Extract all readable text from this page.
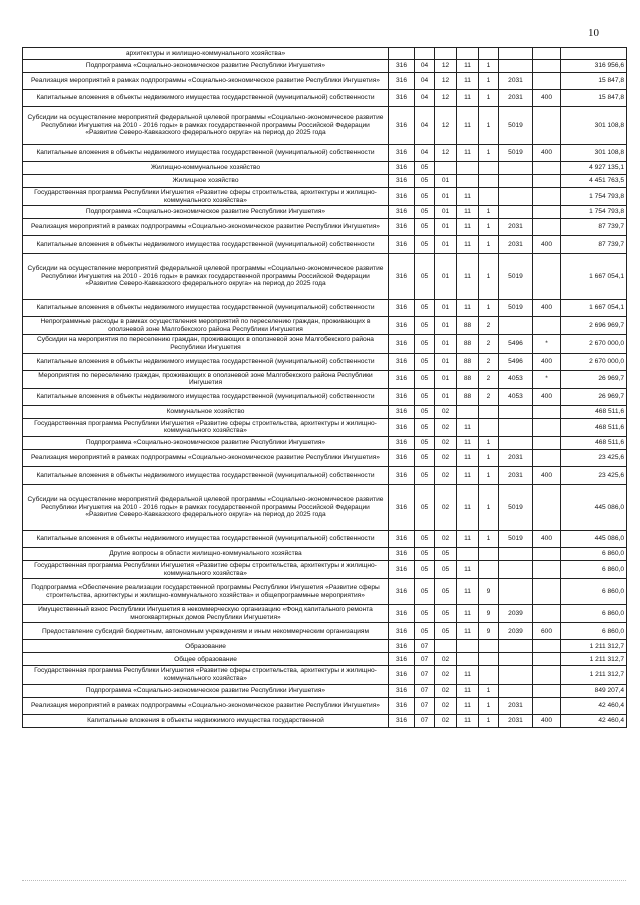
10
архитектуры и жилищно-коммунального хозяйства»								
Подпрограмма «Социально-экономическое развитие Республики Ингушетия»	316	04	12	11	1			316 956,6
Реализация мероприятий в рамках подпрограммы «Социально-экономическое развитие Республики Ингушетия»	316	04	12	11	1	2031		15 847,8
Капитальные вложения в объекты недвижимого имущества государственной (муниципальной) собственности	316	04	12	11	1	2031	400	15 847,8
Субсидии на осуществление мероприятий федеральной целевой программы «Социально-экономическое развитие Республики Ингушетия на 2010 - 2016 годы» в рамках государственной программы Российской Федерации «Развитие Северо-Кавказского федерального округа» на период до 2025 года	316	04	12	11	1	5019		301 108,8
Капитальные вложения в объекты недвижимого имущества государственной (муниципальной) собственности	316	04	12	11	1	5019	400	301 108,8
Жилищно-коммунальное хозяйство	316	05						4 927 135,1
Жилищное хозяйство	316	05	01					4 451 763,5
Государственная программа Республики Ингушетия «Развитие сферы строительства, архитектуры и жилищно-коммунального хозяйства»	316	05	01	11				1 754 793,8
Подпрограмма «Социально-экономическое развитие Республики Ингушетия»	316	05	01	11	1			1 754 793,8
Реализация мероприятий в рамках подпрограммы «Социально-экономическое развитие Республики Ингушетия»	316	05	01	11	1	2031		87 739,7
Капитальные вложения в объекты недвижимого имущества государственной (муниципальной) собственности	316	05	01	11	1	2031	400	87 739,7
Субсидии на осуществление мероприятий федеральной целевой программы «Социально-экономическое развитие Республики Ингушетия на 2010 - 2016 годы» в рамках государственной программы Российской Федерации «Развитие Северо-Кавказского федерального округа» на период до 2025 года	316	05	01	11	1	5019		1 667 054,1
Капитальные вложения в объекты недвижимого имущества государственной (муниципальной) собственности	316	05	01	11	1	5019	400	1 667 054,1
Непрограммные расходы в рамках осуществления мероприятий по переселению граждан, проживающих в оползневой зоне Малгобекского района Республики Ингушетия	316	05	01	88	2			2 696 969,7
Субсидии на мероприятия по переселению граждан, проживающих в оползневой зоне Малгобекского района Республики Ингушетия	316	05	01	88	2	5496	*	2 670 000,0
Капитальные вложения в объекты недвижимого имущества государственной (муниципальной) собственности	316	05	01	88	2	5496	400	2 670 000,0
Мероприятия по переселению граждан, проживающих в оползневой зоне Малгобекского района Республики Ингушетия	316	05	01	88	2	4053	*	26 969,7
Капитальные вложения в объекты недвижимого имущества государственной (муниципальной) собственности	316	05	01	88	2	4053	400	26 969,7
Коммунальное хозяйство	316	05	02					468 511,6
Государственная программа Республики Ингушетия «Развитие сферы строительства, архитектуры и жилищно-коммунального хозяйства»	316	05	02	11				468 511,6
Подпрограмма «Социально-экономическое развитие Республики Ингушетия»	316	05	02	11	1			468 511,6
Реализация мероприятий в рамках подпрограммы «Социально-экономическое развитие Республики Ингушетия»	316	05	02	11	1	2031		23 425,6
Капитальные вложения в объекты недвижимого имущества государственной (муниципальной) собственности	316	05	02	11	1	2031	400	23 425,6
Субсидии на осуществление мероприятий федеральной целевой программы «Социально-экономическое развитие Республики Ингушетия на 2010 - 2016 годы» в рамках государственной программы Российской Федерации «Развитие Северо-Кавказского федерального округа» на период до 2025 года	316	05	02	11	1	5019		445 086,0
Капитальные вложения в объекты недвижимого имущества государственной (муниципальной) собственности	316	05	02	11	1	5019	400	445 086,0
Другие вопросы в области жилищно-коммунального хозяйства	316	05	05					6 860,0
Государственная программа Республики Ингушетия «Развитие сферы строительства, архитектуры и жилищно-коммунального хозяйства»	316	05	05	11				6 860,0
Подпрограмма «Обеспечение реализации государственной программы Республики Ингушетия «Развитие сферы строительства, архитектуры и жилищно-коммунального хозяйства» и общепрограммные мероприятия»	316	05	05	11	9			6 860,0
Имущественный взнос Республики Ингушетия в некоммерческую организацию «Фонд капитального ремонта многоквартирных домов Республики Ингушетия»	316	05	05	11	9	2039		6 860,0
Предоставление субсидий бюджетным, автономным учреждениям и иным некоммерческим организациям	316	05	05	11	9	2039	600	6 860,0
Образование	316	07						1 211 312,7
Общее образование	316	07	02					1 211 312,7
Государственная программа Республики Ингушетия «Развитие сферы строительства, архитектуры и жилищно-коммунального хозяйства»	316	07	02	11				1 211 312,7
Подпрограмма «Социально-экономическое развитие Республики Ингушетия»	316	07	02	11	1			849 207,4
Реализация мероприятий в рамках подпрограммы «Социально-экономическое развитие Республики Ингушетия»	316	07	02	11	1	2031		42 460,4
Капитальные вложения в объекты недвижимого имущества государственной	316	07	02	11	1	2031	400	42 460,4
